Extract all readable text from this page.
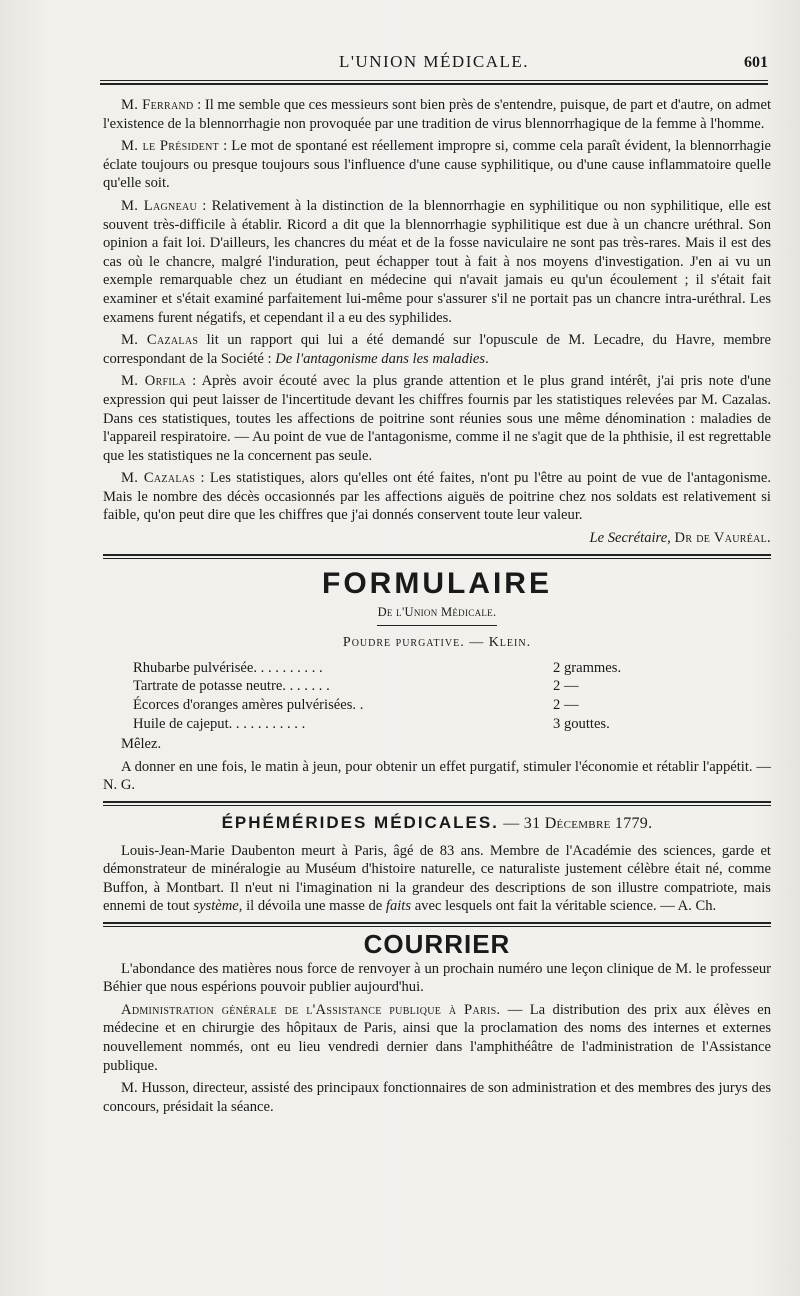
L'UNION MÉDICALE.	601

M. Ferrand : Il me semble que ces messieurs sont bien près de s'entendre, puisque, de part et d'autre, on admet l'existence de la blennorrhagie non provoquée par une tradition de virus blennorrhagique de la femme à l'homme.

M. le Président : Le mot de spontané est réellement impropre si, comme cela paraît évident, la blennorrhagie éclate toujours ou presque toujours sous l'influence d'une cause syphilitique, ou d'une cause inflammatoire quelle qu'elle soit.

M. Lagneau : Relativement à la distinction de la blennorrhagie en syphilitique ou non syphilitique, elle est souvent très-difficile à établir. Ricord a dit que la blennorrhagie syphilitique est due à un chancre uréthral. Son opinion a fait loi. D'ailleurs, les chancres du méat et de la fosse naviculaire ne sont pas très-rares. Mais il est des cas où le chancre, malgré l'induration, peut échapper tout à fait à nos moyens d'investigation. J'en ai vu un exemple remarquable chez un étudiant en médecine qui n'avait jamais eu qu'un écoulement ; il s'était fait examiner et s'était examiné parfaitement lui-même pour s'assurer s'il ne portait pas un chancre intra-uréthral. Les examens furent négatifs, et cependant il a eu des syphilides.

M. Cazalas lit un rapport qui lui a été demandé sur l'opuscule de M. Lecadre, du Havre, membre correspondant de la Société : De l'antagonisme dans les maladies.

M. Orfila : Après avoir écouté avec la plus grande attention et le plus grand intérêt, j'ai pris note d'une expression qui peut laisser de l'incertitude devant les chiffres fournis par les statistiques relevées par M. Cazalas. Dans ces statistiques, toutes les affections de poitrine sont réunies sous une même dénomination : maladies de l'appareil respiratoire. — Au point de vue de l'antagonisme, comme il ne s'agit que de la phthisie, il est regrettable que les statistiques ne la concernent pas seule.

M. Cazalas : Les statistiques, alors qu'elles ont été faites, n'ont pu l'être au point de vue de l'antagonisme. Mais le nombre des décès occasionnés par les affections aiguës de poitrine chez nos soldats est relativement si faible, qu'on peut dire que les chiffres que j'ai donnés conservent toute leur valeur.

Le Secrétaire, Dr de Vauréal.
FORMULAIRE
De l'Union Médicale.
Poudre purgative. — Klein.
Rhubarbe pulvérisée. . . . . . . . . .	2 grammes.
Tartrate de potasse neutre. . . . . . .	2 —
Écorces d'oranges amères pulvérisées. .	2 —
Huile de cajeput. . . . . . . . . . .	3 gouttes.

Mêlez.

A donner en une fois, le matin à jeun, pour obtenir un effet purgatif, stimuler l'économie et rétablir l'appétit. — N. G.

ÉPHÉMÉRIDES MÉDICALES. — 31 Décembre 1779.

Louis-Jean-Marie Daubenton meurt à Paris, âgé de 83 ans. Membre de l'Académie des sciences, garde et démonstrateur de minéralogie au Muséum d'histoire naturelle, ce naturaliste justement célèbre était né, comme Buffon, à Montbart. Il n'eut ni l'imagination ni la grandeur des descriptions de son illustre compatriote, mais ennemi de tout système, il dévoila une masse de faits avec lesquels ont fait la véritable science. — A. Ch.

COURRIER

L'abondance des matières nous force de renvoyer à un prochain numéro une leçon clinique de M. le professeur Béhier que nous espérions pouvoir publier aujourd'hui.

Administration générale de l'Assistance publique à Paris. — La distribution des prix aux élèves en médecine et en chirurgie des hôpitaux de Paris, ainsi que la proclamation des noms des internes et externes nouvellement nommés, ont eu lieu vendredi dernier dans l'amphithéâtre de l'administration de l'Assistance publique.

M. Husson, directeur, assisté des principaux fonctionnaires de son administration et des membres des jurys des concours, présidait la séance.
